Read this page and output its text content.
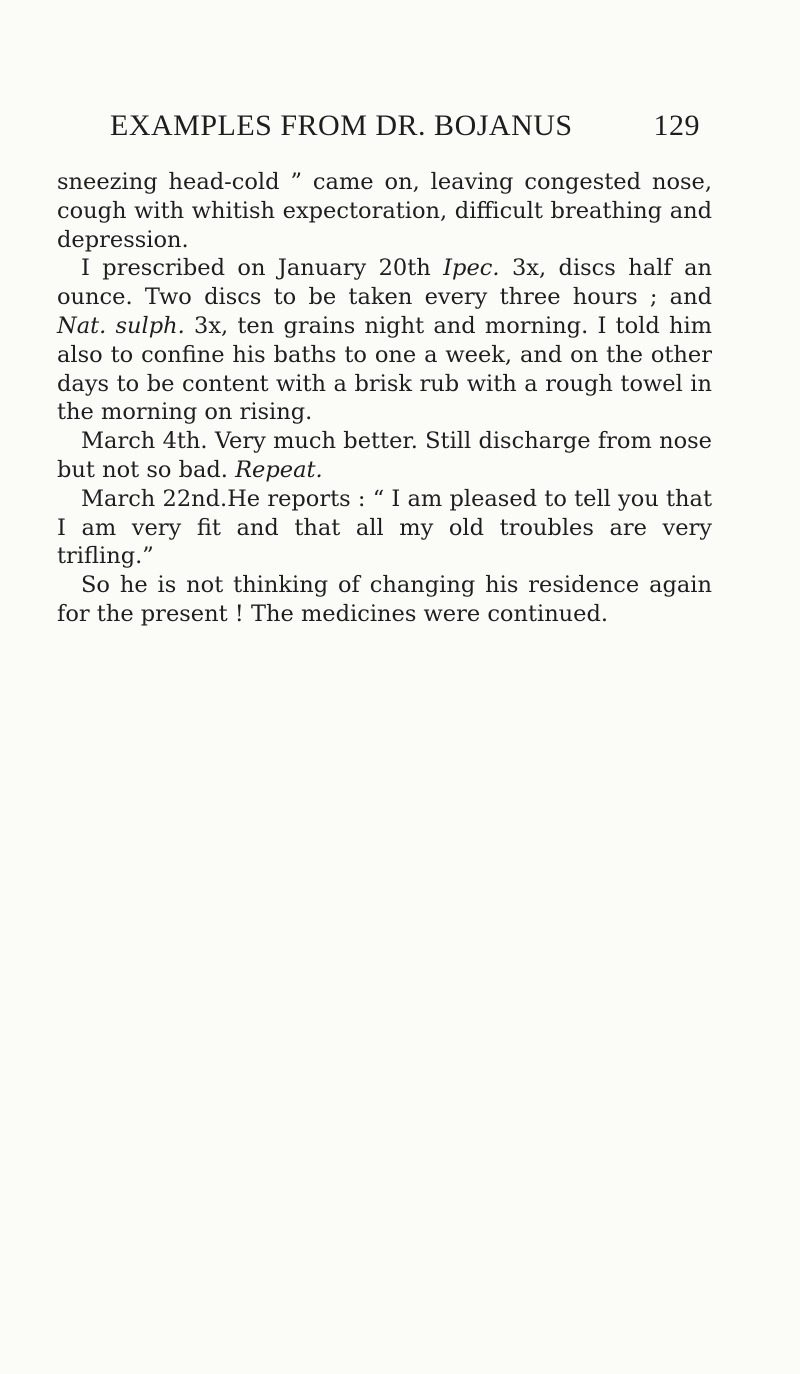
EXAMPLES FROM DR. BOJANUS	129

sneezing head-cold ” came on, leaving congested nose, cough with whitish expectoration, difficult breathing and depression.

I prescribed on January 20th Ipec. 3x, discs half an ounce. Two discs to be taken every three hours ; and Nat. sulph. 3x, ten grains night and morning. I told him also to confine his baths to one a week, and on the other days to be content with a brisk rub with a rough towel in the morning on rising.

March 4th. Very much better. Still discharge from nose but not so bad. Repeat.

March 22nd.He reports : “ I am pleased to tell you that I am very fit and that all my old troubles are very trifling.”

So he is not thinking of changing his residence again for the present ! The medicines were continued.
